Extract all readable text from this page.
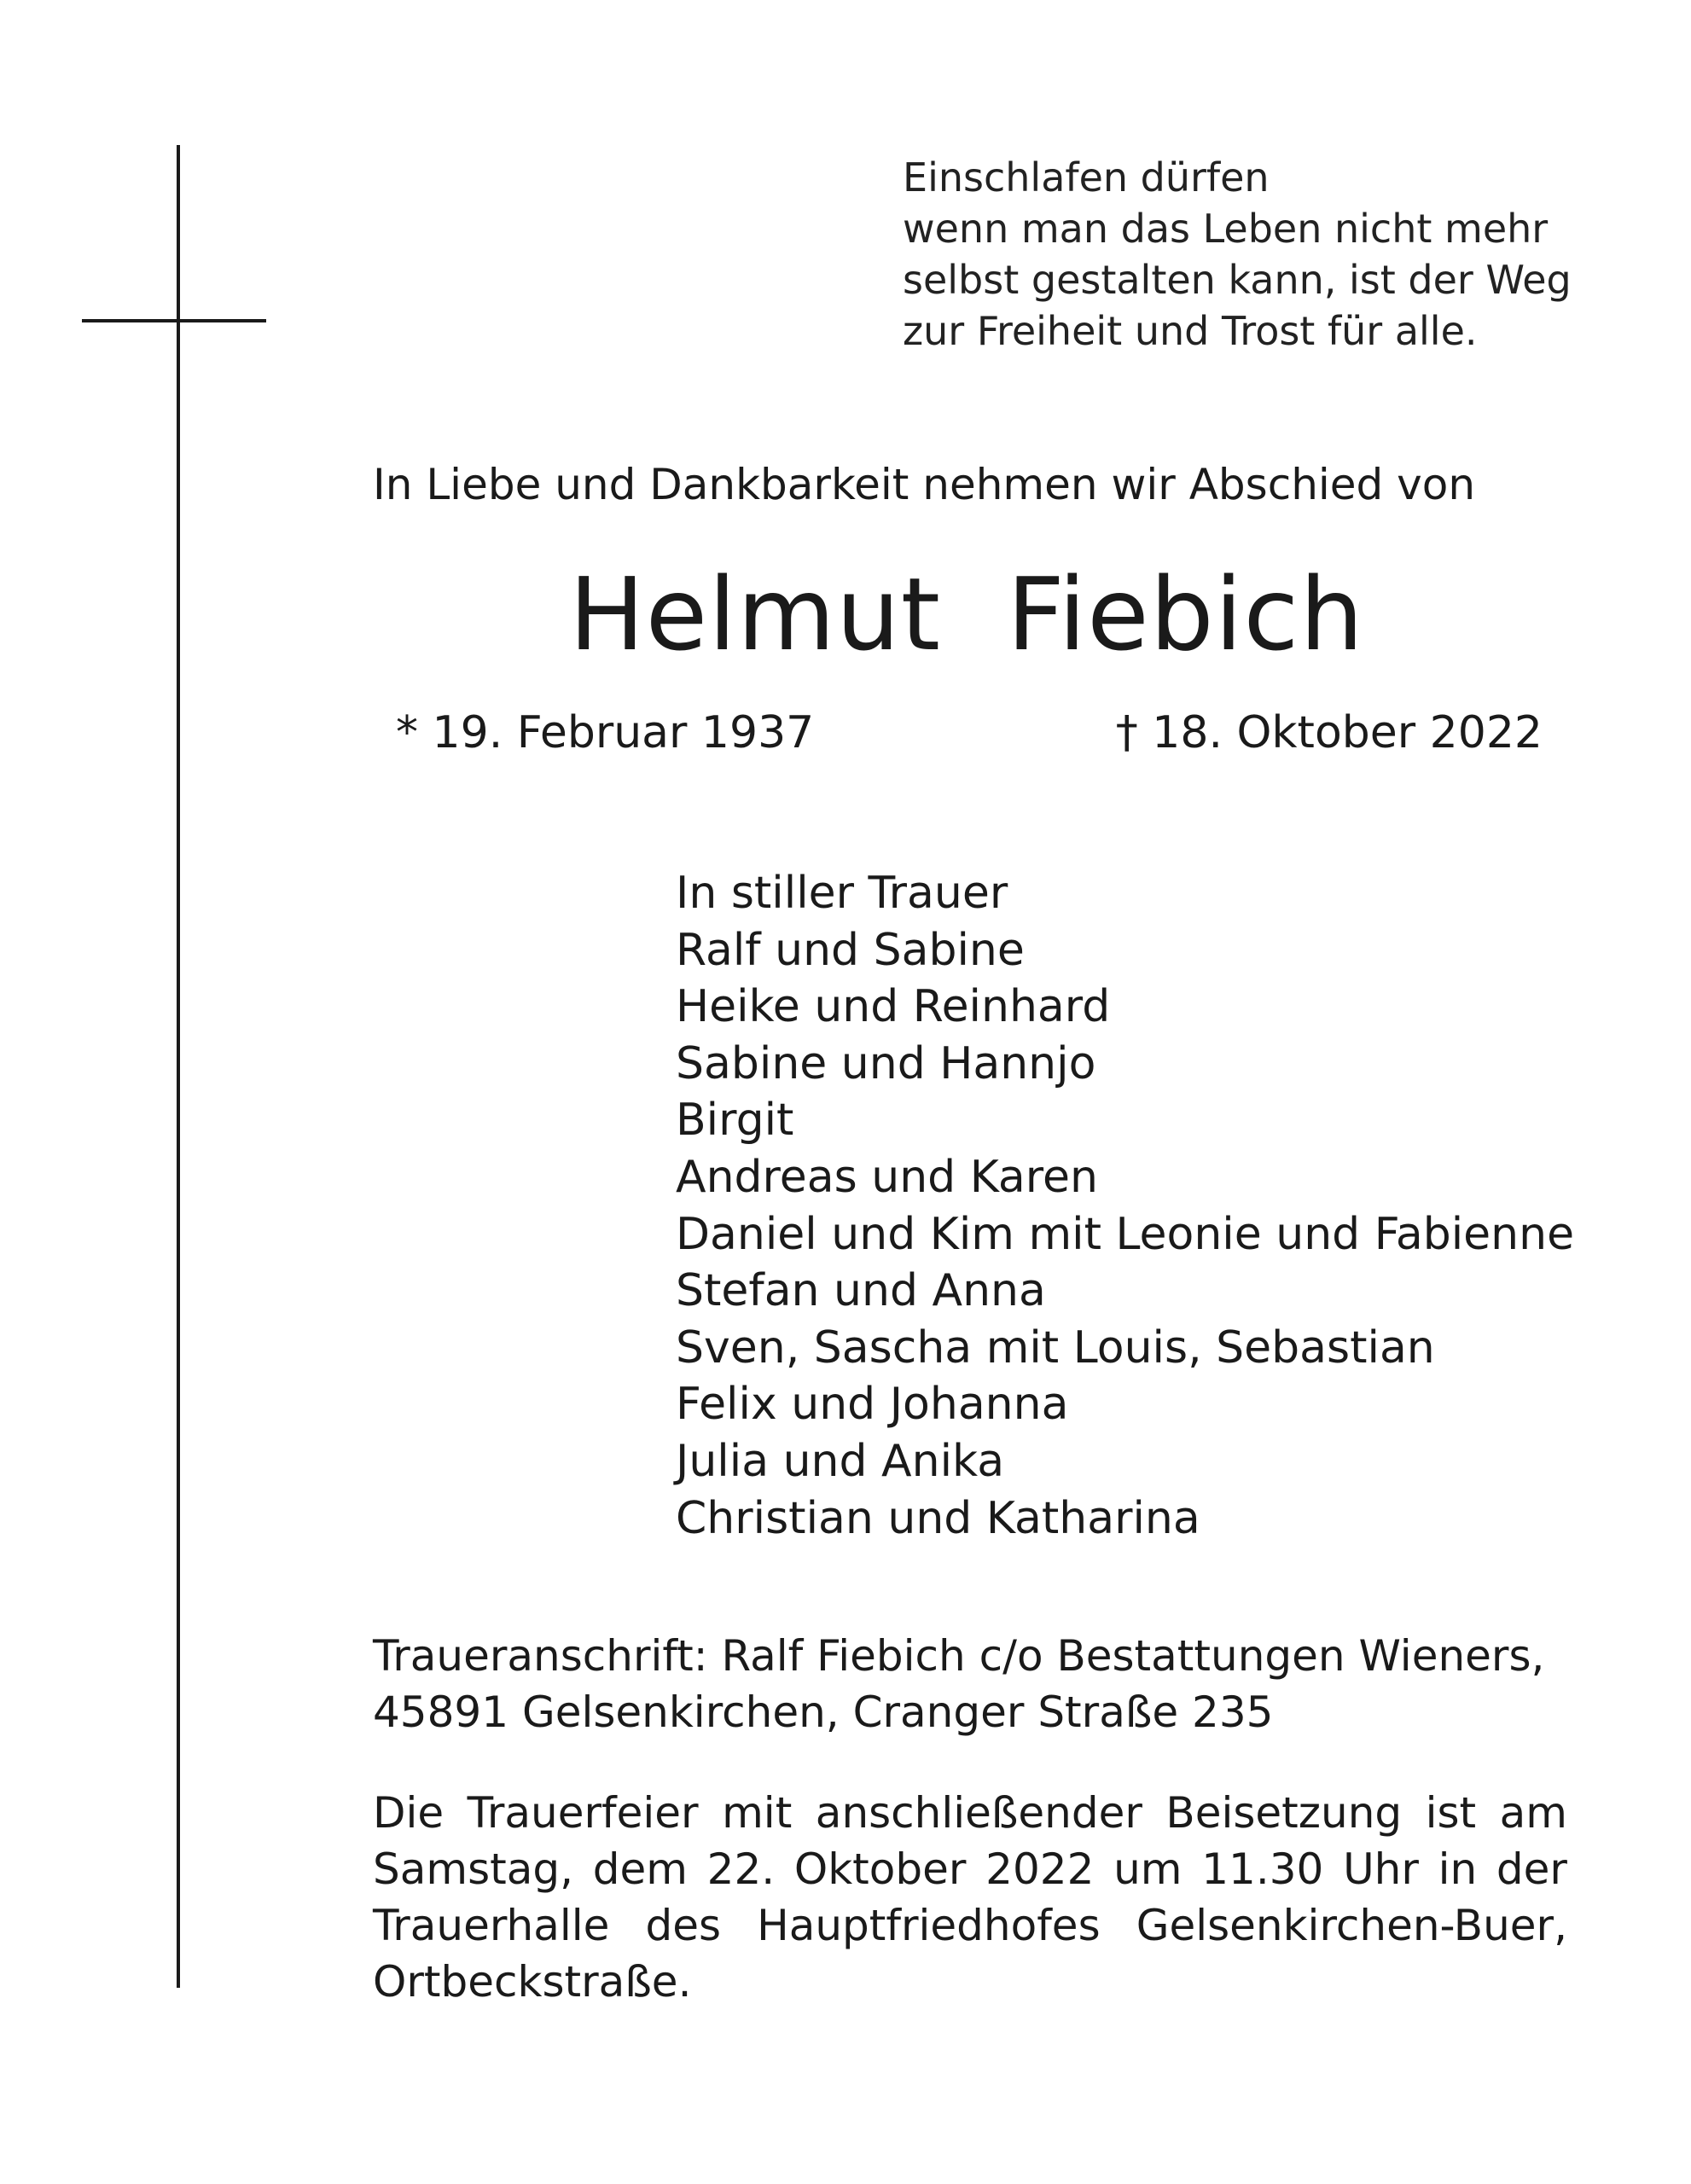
Einschlafen dürfen
wenn man das Leben nicht mehr
selbst gestalten kann, ist der Weg
zur Freiheit und Trost für alle.
In Liebe und Dankbarkeit nehmen wir Abschied von
Helmut  Fiebich
* 19. Februar 1937	† 18. Oktober 2022
In stiller Trauer
Ralf und Sabine
Heike und Reinhard
Sabine und Hannjo
Birgit
Andreas und Karen
Daniel und Kim mit Leonie und Fabienne
Stefan und Anna
Sven, Sascha mit Louis, Sebastian
Felix und Johanna
Julia und Anika
Christian und Katharina
Traueranschrift: Ralf Fiebich c/o Bestattungen Wieners,
45891 Gelsenkirchen, Cranger Straße 235
Die Trauerfeier mit anschließender Beisetzung ist am
Samstag, dem 22. Oktober 2022 um 11.30 Uhr in der
Trauerhalle des Hauptfriedhofes Gelsenkirchen-Buer,
Ortbeckstraße.
